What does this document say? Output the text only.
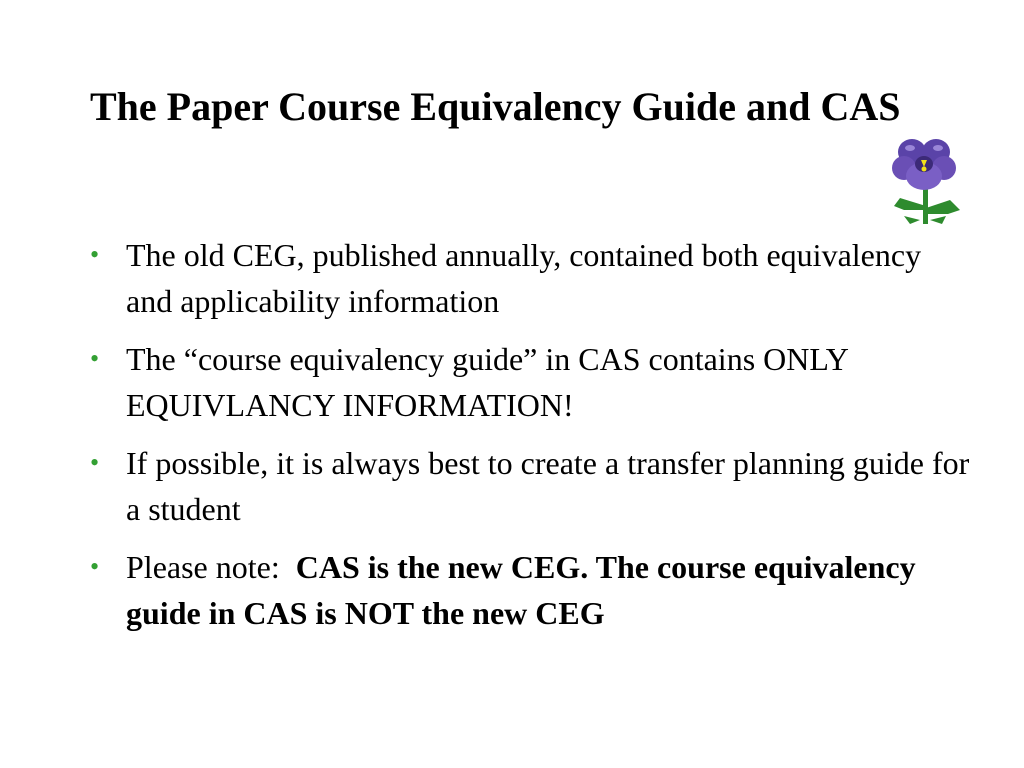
The Paper Course Equivalency Guide and CAS
• The old CEG, published annually, contained both equivalency and applicability information
• The “course equivalency guide” in CAS contains ONLY EQUIVLANCY INFORMATION!
• If possible, it is always best to create a transfer planning guide for a student
• Please note:  CAS is the new CEG. The course equivalency guide in CAS is NOT the new CEG
